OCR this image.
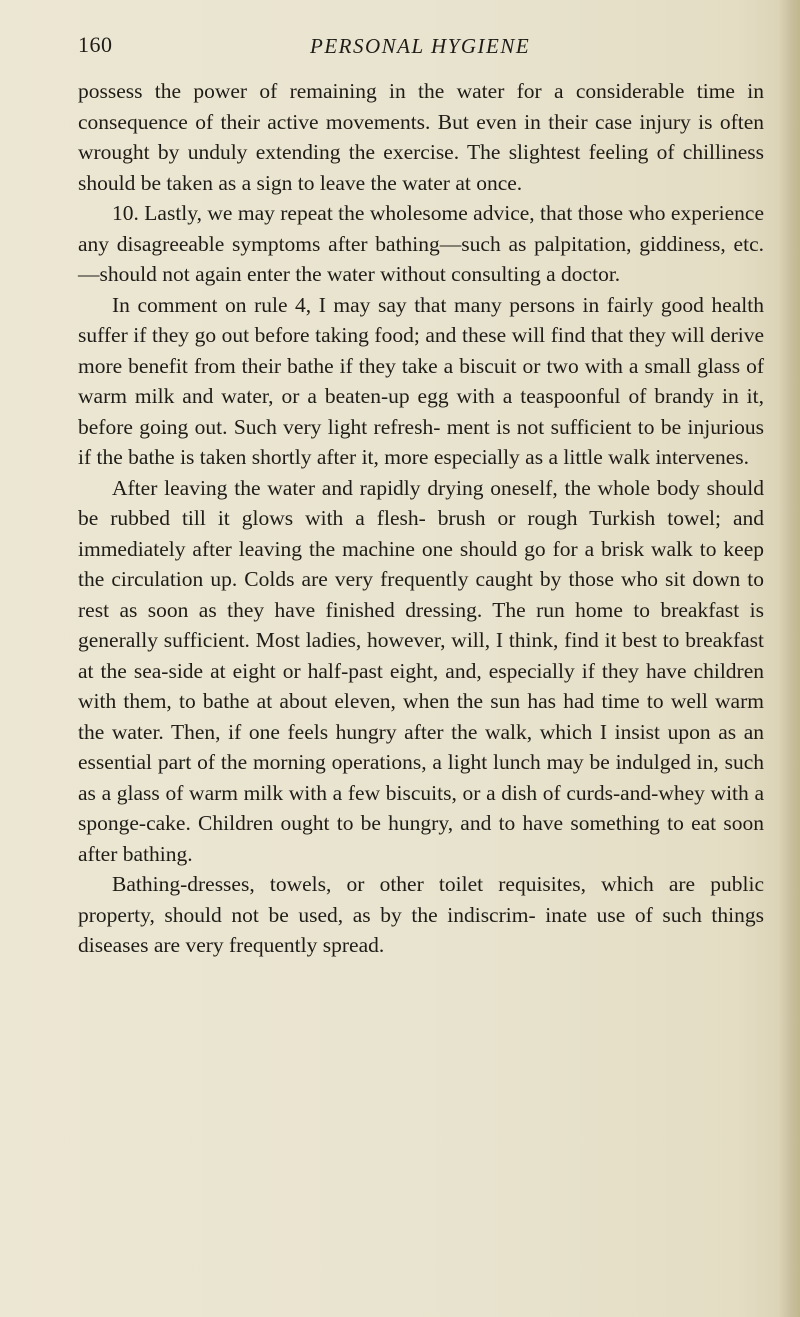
160	PERSONAL HYGIENE

possess the power of remaining in the water for a considerable time in consequence of their active movements. But even in their case injury is often wrought by unduly extending the exercise. The slightest feeling of chilliness should be taken as a sign to leave the water at once.

10. Lastly, we may repeat the wholesome advice, that those who experience any disagreeable symptoms after bathing—such as palpitation, giddiness, etc.—should not again enter the water without consulting a doctor.

In comment on rule 4, I may say that many persons in fairly good health suffer if they go out before taking food; and these will find that they will derive more benefit from their bathe if they take a biscuit or two with a small glass of warm milk and water, or a beaten-up egg with a teaspoonful of brandy in it, before going out. Such very light refresh- ment is not sufficient to be injurious if the bathe is taken shortly after it, more especially as a little walk intervenes.

After leaving the water and rapidly drying oneself, the whole body should be rubbed till it glows with a flesh- brush or rough Turkish towel; and immediately after leaving the machine one should go for a brisk walk to keep the circulation up. Colds are very frequently caught by those who sit down to rest as soon as they have finished dressing. The run home to breakfast is generally sufficient. Most ladies, however, will, I think, find it best to breakfast at the sea-side at eight or half-past eight, and, especially if they have children with them, to bathe at about eleven, when the sun has had time to well warm the water. Then, if one feels hungry after the walk, which I insist upon as an essential part of the morning operations, a light lunch may be indulged in, such as a glass of warm milk with a few biscuits, or a dish of curds-and-whey with a sponge-cake. Children ought to be hungry, and to have something to eat soon after bathing.

Bathing-dresses, towels, or other toilet requisites, which are public property, should not be used, as by the indiscrim- inate use of such things diseases are very frequently spread.
